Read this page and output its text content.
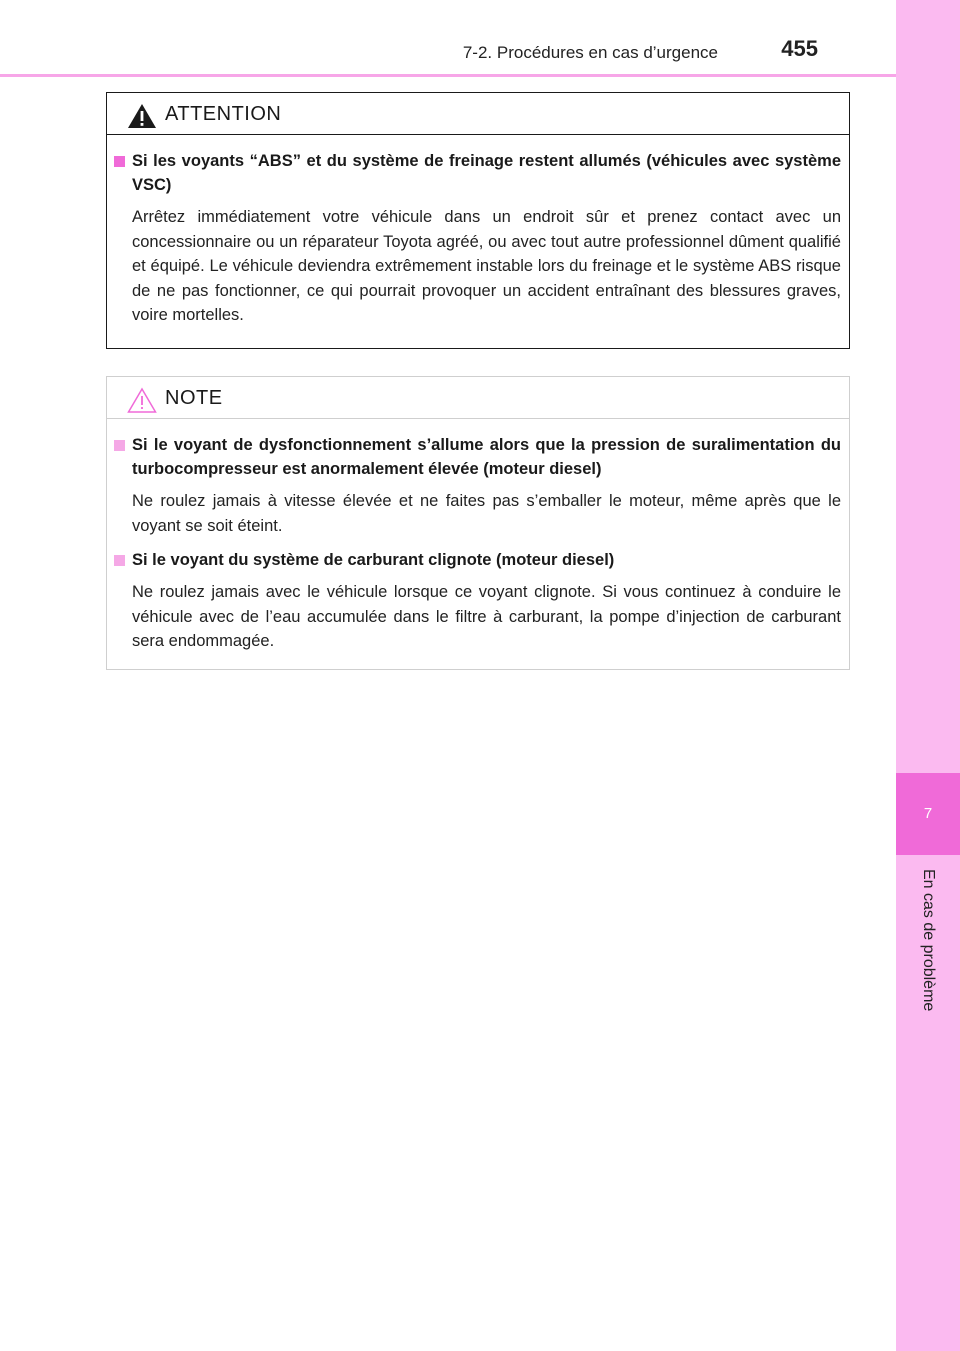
7-2. Procédures en cas d’urgence	455
7
En cas de problème
ATTENTION
Si les voyants “ABS” et du système de freinage restent allumés (véhicules avec système VSC)
Arrêtez immédiatement votre véhicule dans un endroit sûr et prenez contact avec un concessionnaire ou un réparateur Toyota agréé, ou avec tout autre professionnel dûment qualifié et équipé. Le véhicule deviendra extrêmement instable lors du freinage et le système ABS risque de ne pas fonctionner, ce qui pourrait provoquer un accident entraînant des blessures graves, voire mortelles.
NOTE
Si le voyant de dysfonctionnement s’allume alors que la pression de suralimentation du turbocompresseur est anormalement élevée (moteur diesel)
Ne roulez jamais à vitesse élevée et ne faites pas s’emballer le moteur, même après que le voyant se soit éteint.
Si le voyant du système de carburant clignote (moteur diesel)
Ne roulez jamais avec le véhicule lorsque ce voyant clignote. Si vous continuez à conduire le véhicule avec de l’eau accumulée dans le filtre à carburant, la pompe d’injection de carburant sera endommagée.
